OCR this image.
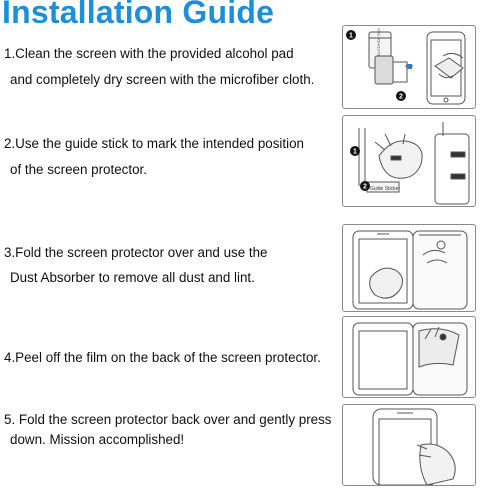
Installation Guide
1.Clean the screen with the provided alcohol pad
and completely dry screen with the microfiber cloth.
ALCOHOL PAD
1
2
2.Use the guide stick to mark the intended position
of the screen protector.
Guide Sticker
1
2
3.Fold the screen protector over and use the
Dust Absorber to remove all dust and lint.
4.Peel off the film on the back of the screen protector.
5. Fold the screen protector back over and gently press
down. Mission accomplished!
